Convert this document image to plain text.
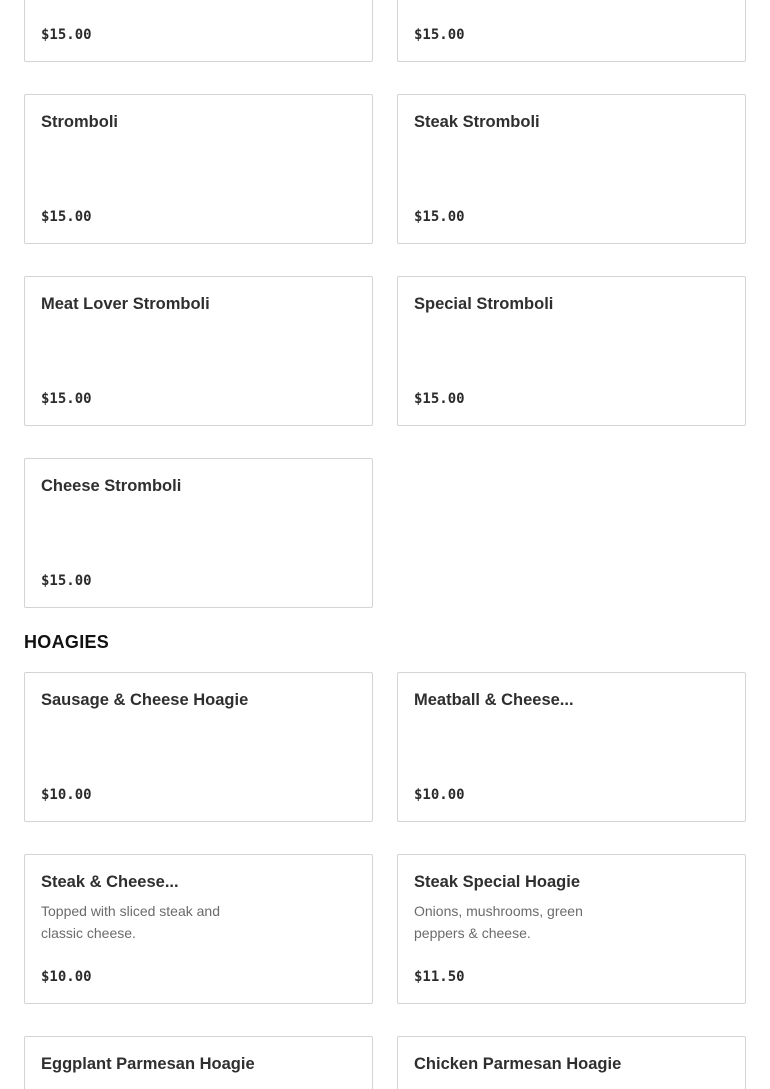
$15.00	$15.00
Stromboli
$15.00
Steak Stromboli
$15.00
Meat Lover Stromboli
$15.00
Special Stromboli
$15.00
Cheese Stromboli
$15.00
HOAGIES
Sausage & Cheese Hoagie
$10.00
Meatball & Cheese...
$10.00
Steak & Cheese...
Topped with sliced steak and classic cheese.
$10.00
Steak Special Hoagie
Onions, mushrooms, green peppers & cheese.
$11.50
Eggplant Parmesan Hoagie	Chicken Parmesan Hoagie
